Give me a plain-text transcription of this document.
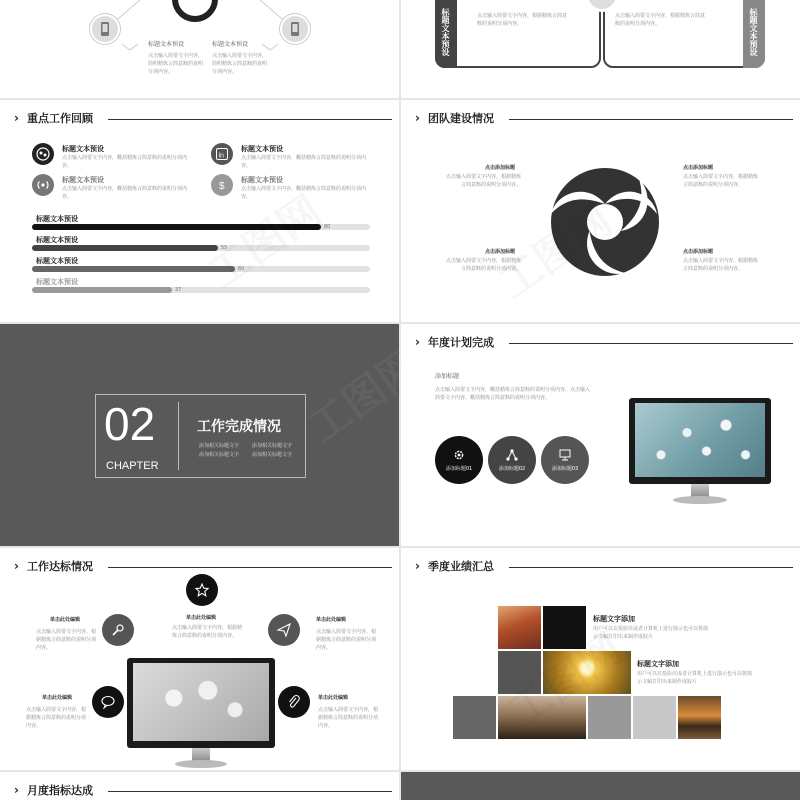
标题文本预设	标题文本预设
点击输入简要文字内容，简明精炼言简意赅的说明分项内容。
点击输入简要文字内容，简明精炼言简意赅的说明分项内容。
标题文本预设	标题文本预设
点击输入简要文字内容，根据精炼言简意赅的说明分项内容。
点击输入简要文字内容，根据精炼言简意赅的说明分项内容。
› 重点工作回顾
标题文本预设
点击输入简要文字内容，概括精炼言简意赅的说明分项内容。
in
标题文本预设
点击输入简要文字内容，概括精炼言简意赅的说明分项内容。
标题文本预设
点击输入简要文字内容，概括精炼言简意赅的说明分项内容。
$
标题文本预设
点击输入简要文字内容，概括精炼言简意赅的说明分项内容。
标题文本预设
80
标题文本预设
55
标题文本预设
60
标题文本预设
37
› 团队建设情况
点击添加标题
点击输入简要文字内容，根据精炼言简意赅的说明分项内容。
点击添加标题
点击输入简要文字内容，根据精炼言简意赅的说明分项内容。
点击添加标题
点击输入简要文字内容，根据精炼言简意赅的说明分项内容。
点击添加标题
点击输入简要文字内容，根据精炼言简意赅的说明分项内容。
02
CHAPTER
工作完成情况
添加相关标题文字	添加相关标题文字
添加相关标题文字	添加相关标题文字
工图网
› 年度计划完成
添加标题
点击输入简要文字内容，概括精炼言简意赅的说明分项内容。点击输入简要文字内容，概括精炼言简意赅的说明分项内容。
添加标题01	添加标题02	添加标题03
› 工作达标情况
单击此处编辑
点击输入简要文字内容，根据精炼言简意赅的说明分项内容。
单击此处编辑
点击输入简要文字内容，根据精炼言简意赅的说明分项内容。
单击此处编辑
点击输入简要文字内容，根据精炼言简意赅的说明分项内容。
单击此处编辑
点击输入简要文字内容，根据精炼言简意赅的说明分项内容。
单击此处编辑
点击输入简要文字内容，根据精炼言简意赅的说明分项内容。
› 季度业绩汇总
标题文字添加
用户可以在投影仪或者计算机上进行演示也可以将演示文稿打印出来制作成胶片
标题文字添加
用户可以在投影仪或者计算机上进行演示也可以将演示文稿打印出来制作成胶片
› 月度指标达成
